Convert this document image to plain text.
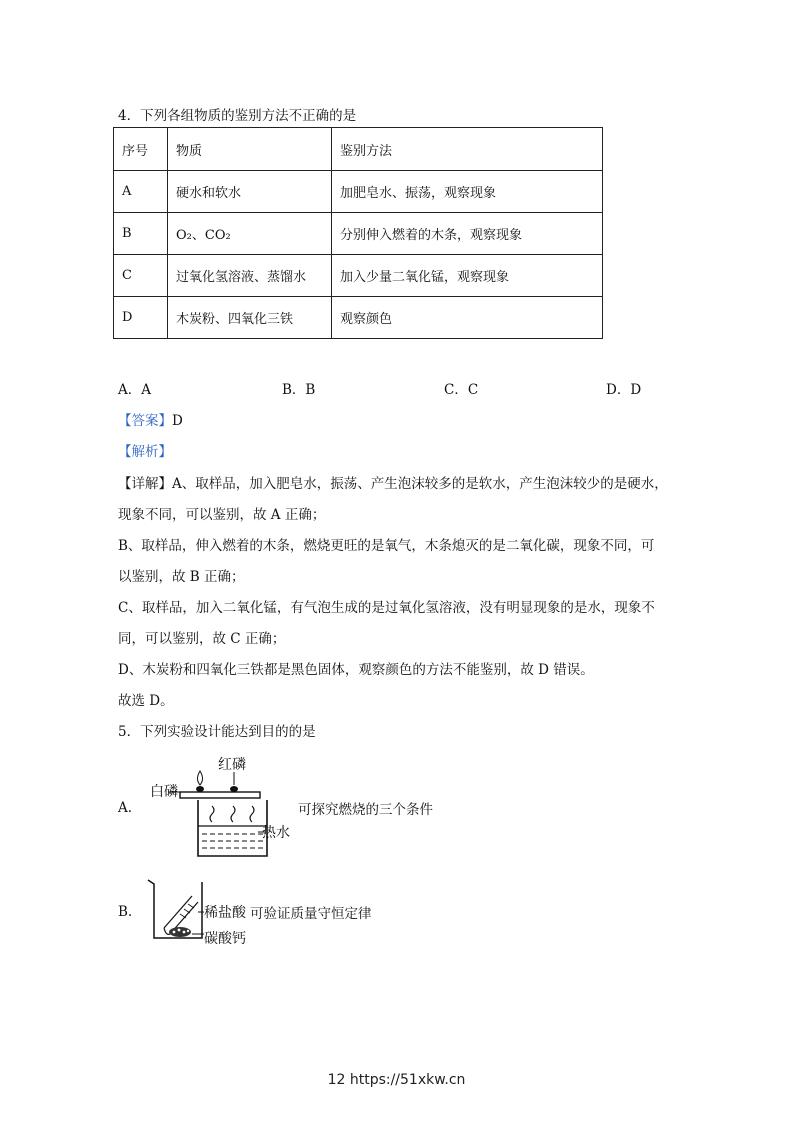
4．下列各组物质的鉴别方法不正确的是
序号	物质	鉴别方法
A	硬水和软水	加肥皂水、振荡，观察现象
B	O₂、CO₂	分别伸入燃着的木条，观察现象
C	过氧化氢溶液、蒸馏水	加入少量二氧化锰，观察现象
D	木炭粉、四氧化三铁	观察颜色
A．A	B．B	C．C	D．D
【答案】D
【解析】
【详解】A、取样品，加入肥皂水，振荡、产生泡沫较多的是软水，产生泡沫较少的是硬水，
现象不同，可以鉴别，故 A 正确；
B、取样品，伸入燃着的木条，燃烧更旺的是氧气，木条熄灭的是二氧化碳，现象不同，可
以鉴别，故 B 正确；
C、取样品，加入二氧化锰，有气泡生成的是过氧化氢溶液，没有明显现象的是水，现象不
同，可以鉴别，故 C 正确；
D、木炭粉和四氧化三铁都是黑色固体，观察颜色的方法不能鉴别，故 D 错误。
故选 D。
5．下列实验设计能达到目的的是
A.
白磷
红磷
热水
可探究燃烧的三个条件
B.	稀盐酸
碳酸钙
可验证质量守恒定律
12 https://51xkw.cn
